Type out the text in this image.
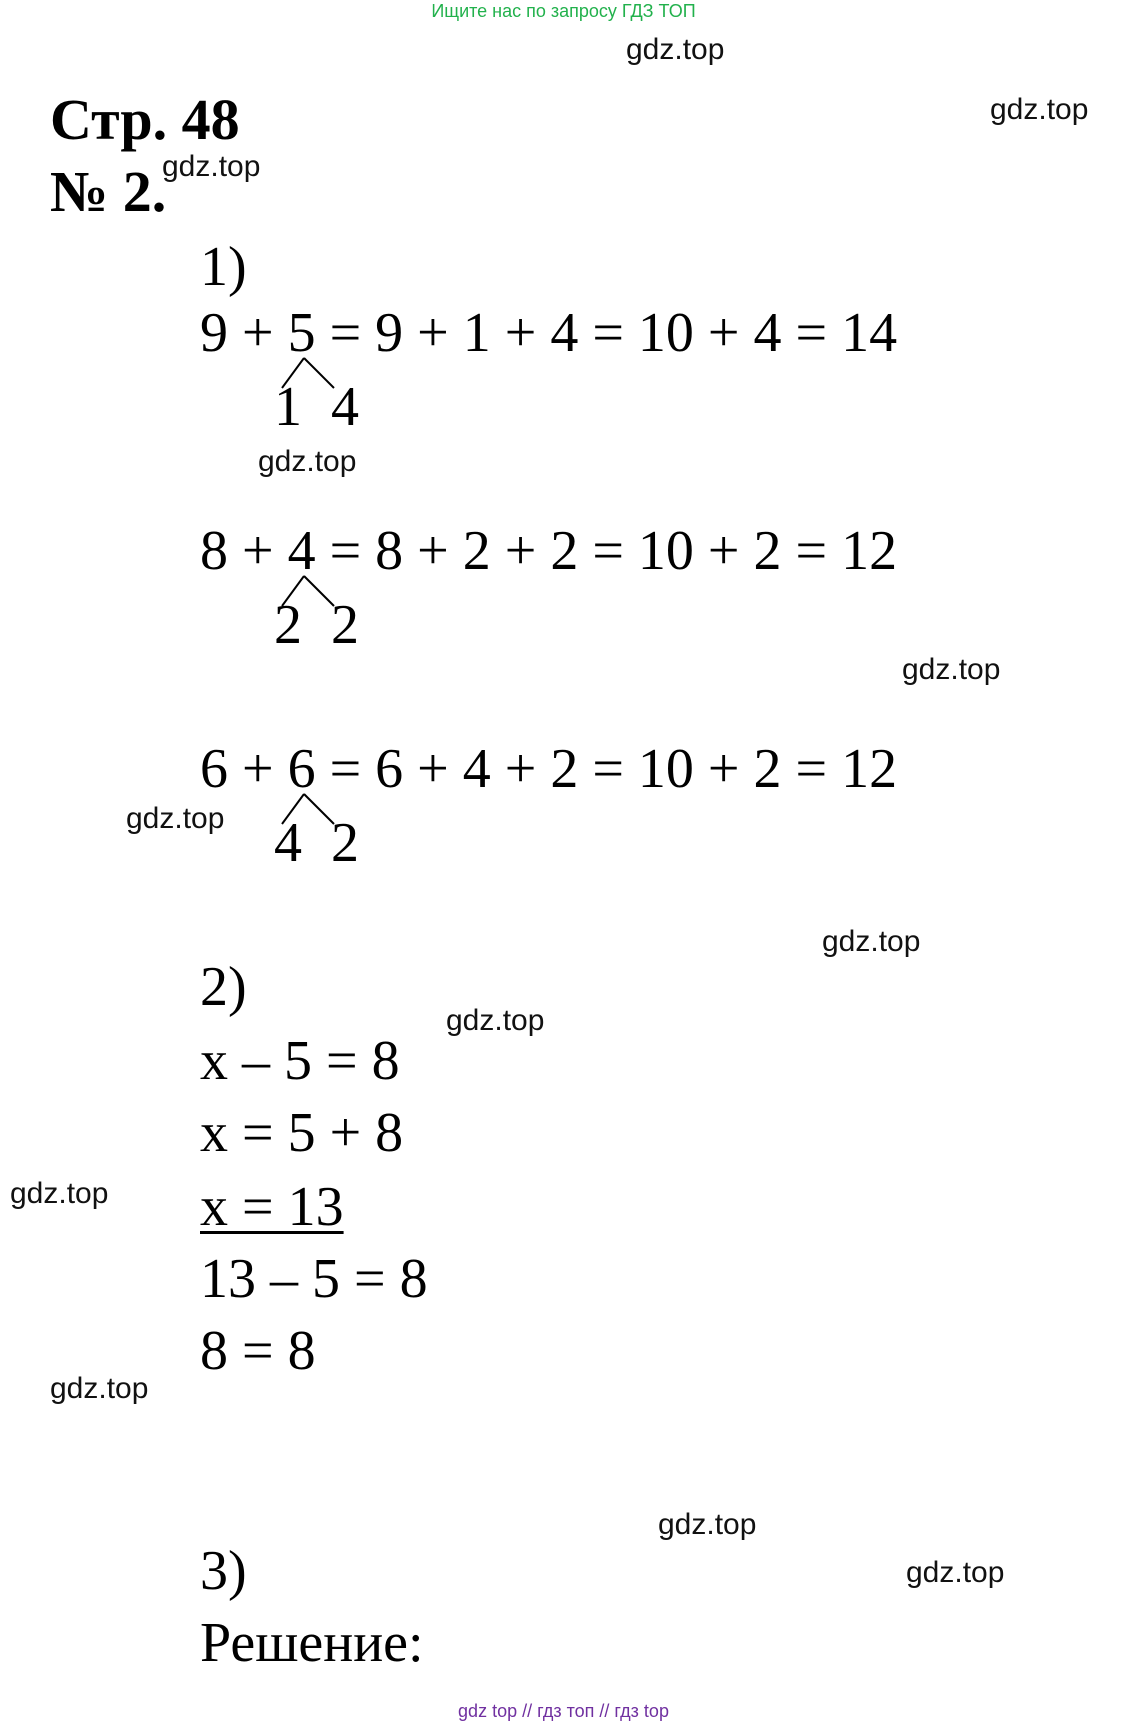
Ищите нас по запросу ГДЗ ТОП
gdz.top
gdz.top
gdz.top
gdz.top
gdz.top
gdz.top
gdz.top
gdz.top
gdz.top
gdz.top
gdz.top
gdz.top
Стр. 48
№ 2.
1)
9 + 5 = 9 + 1 + 4 = 10 + 4 = 14
1 4
8 + 4 = 8 + 2 + 2 = 10 + 2 = 12
2 2
6 + 6 = 6 + 4 + 2 = 10 + 2 = 12
4 2
2)
x – 5 = 8
x = 5 + 8
x = 13
13 – 5 = 8
8 = 8
3)
Решение:
gdz top // гдз топ // гдз top
